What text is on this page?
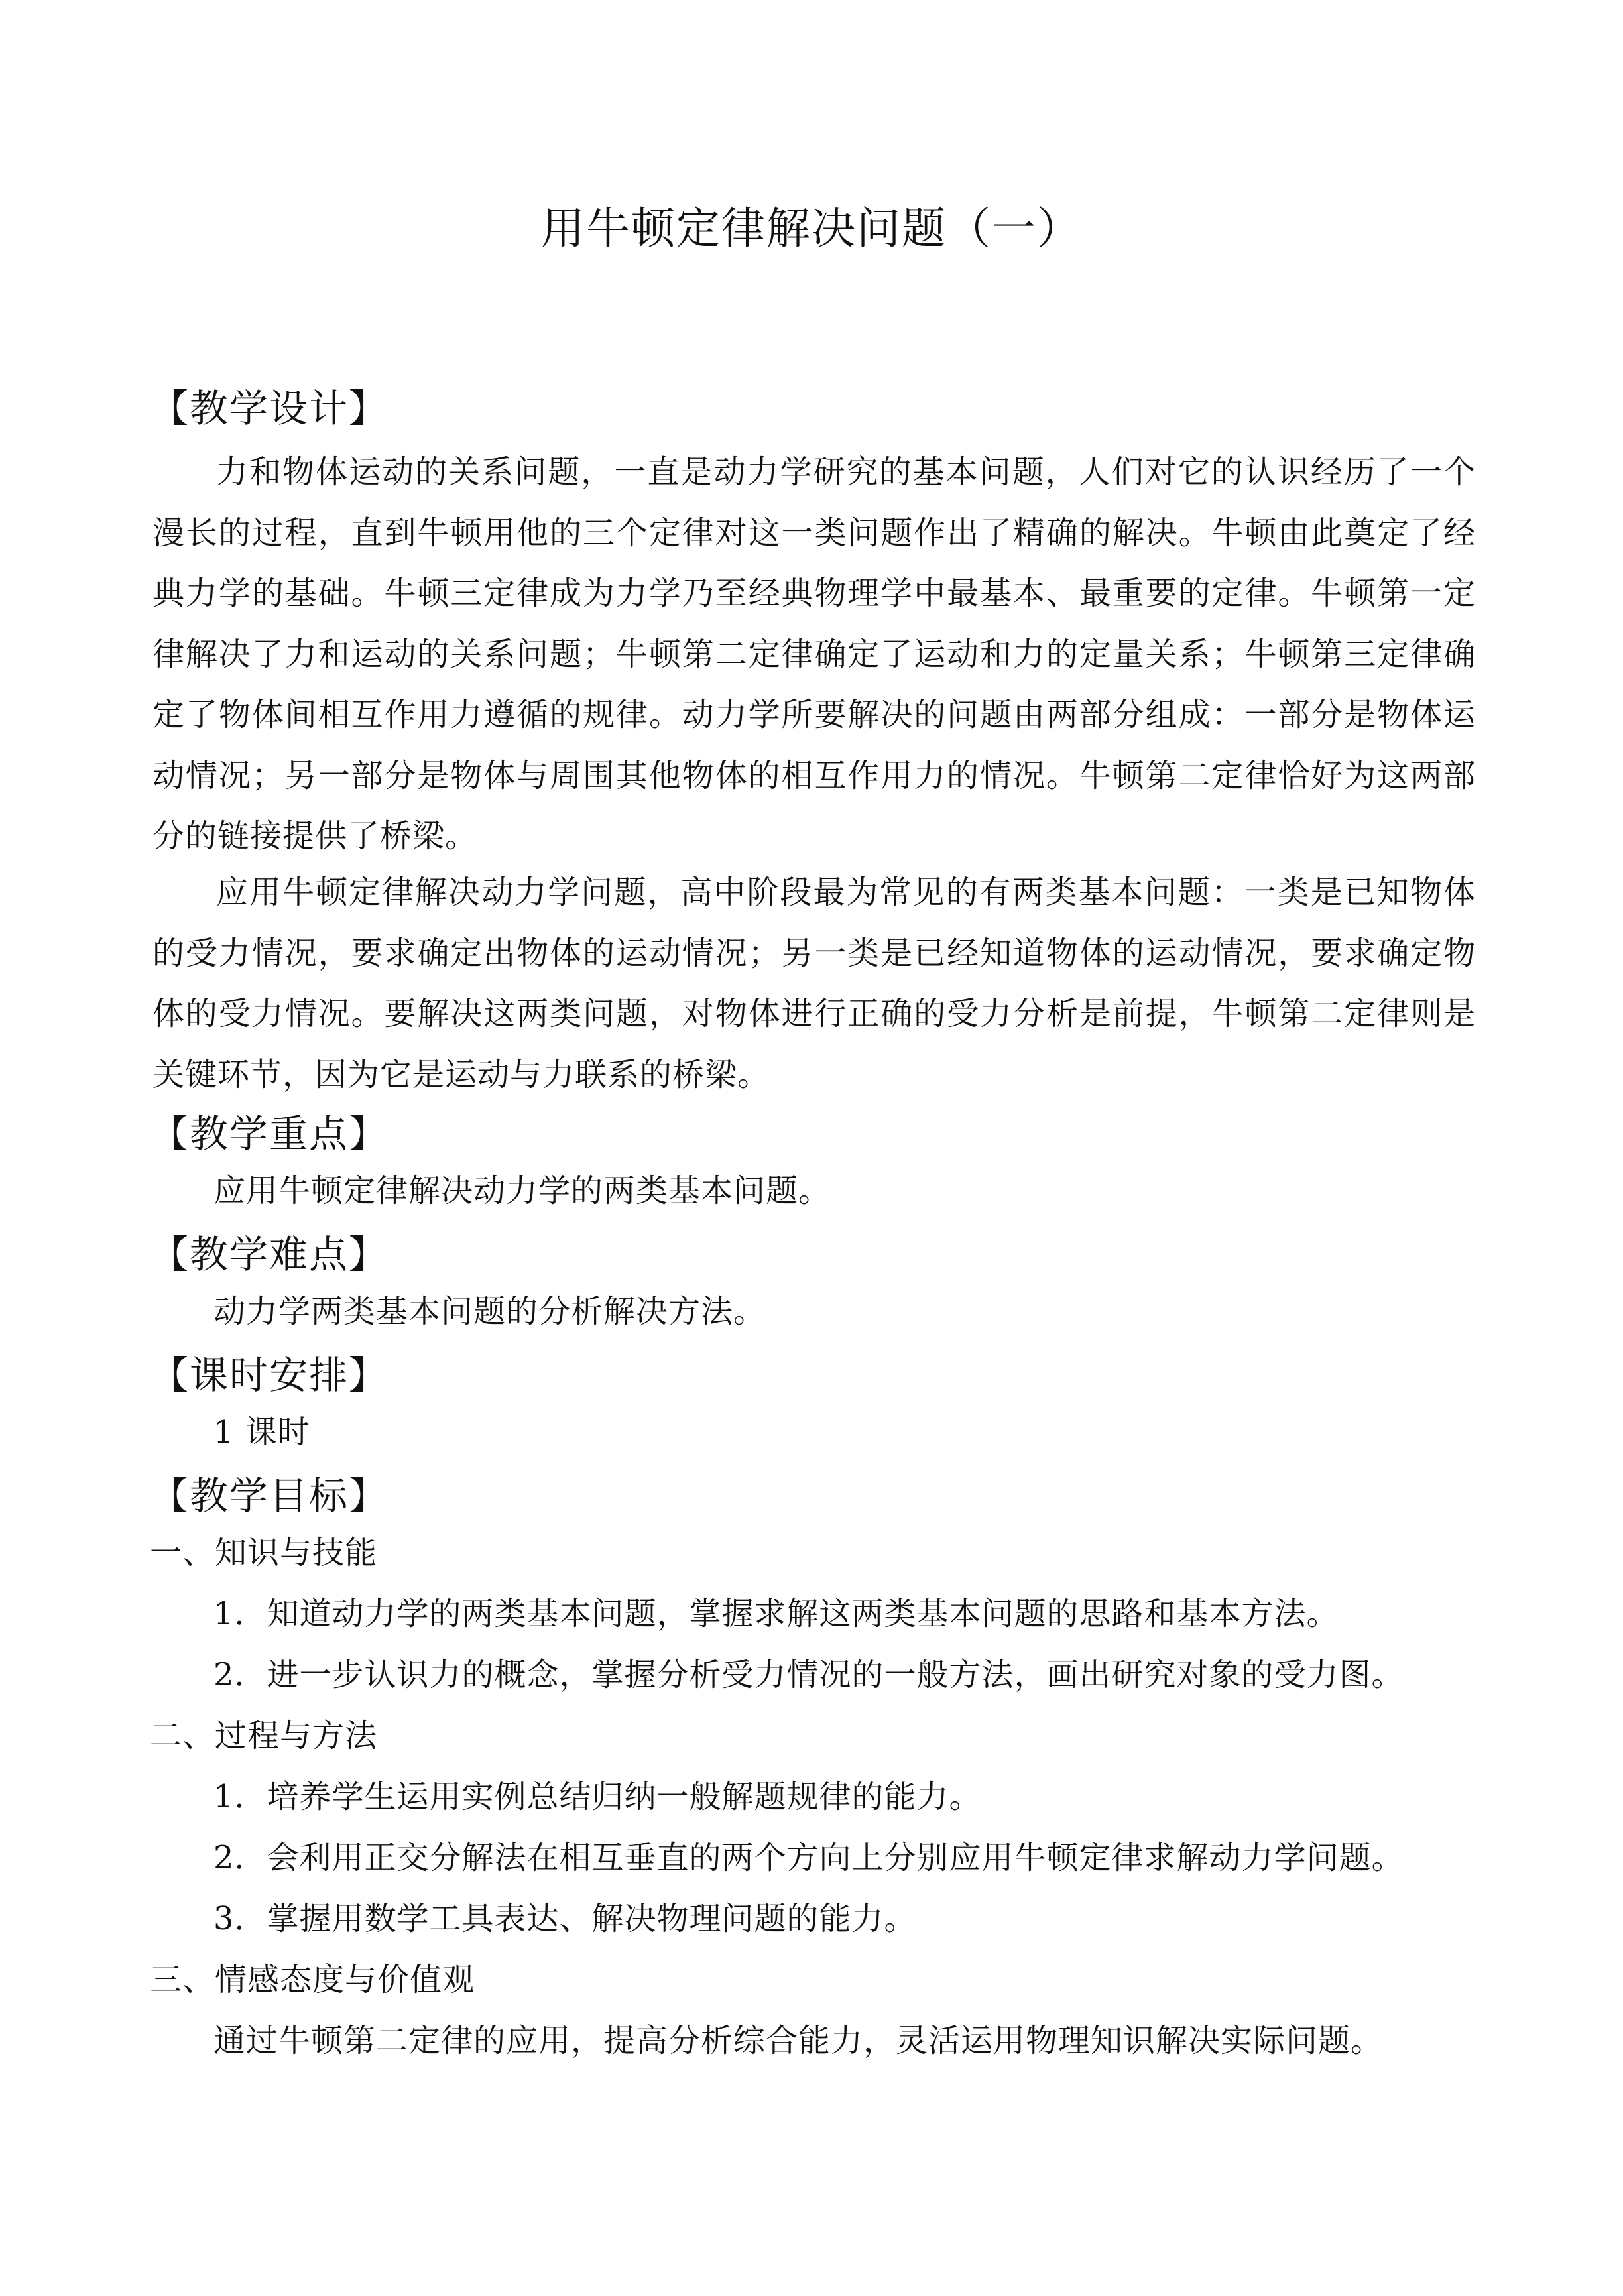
用牛顿定律解决问题（一）
【教学设计】

力和物体运动的关系问题，一直是动力学研究的基本问题，人们对它的认识经历了一个漫长的过程，直到牛顿用他的三个定律对这一类问题作出了精确的解决。牛顿由此奠定了经典力学的基础。牛顿三定律成为力学乃至经典物理学中最基本、最重要的定律。牛顿第一定律解决了力和运动的关系问题；牛顿第二定律确定了运动和力的定量关系；牛顿第三定律确定了物体间相互作用力遵循的规律。动力学所要解决的问题由两部分组成：一部分是物体运动情况；另一部分是物体与周围其他物体的相互作用力的情况。牛顿第二定律恰好为这两部分的链接提供了桥梁。

应用牛顿定律解决动力学问题，高中阶段最为常见的有两类基本问题：一类是已知物体的受力情况，要求确定出物体的运动情况；另一类是已经知道物体的运动情况，要求确定物体的受力情况。要解决这两类问题，对物体进行正确的受力分析是前提，牛顿第二定律则是关键环节，因为它是运动与力联系的桥梁。

【教学重点】
应用牛顿定律解决动力学的两类基本问题。
【教学难点】
动力学两类基本问题的分析解决方法。
【课时安排】
1 课时
【教学目标】
一、知识与技能
1．知道动力学的两类基本问题，掌握求解这两类基本问题的思路和基本方法。
2．进一步认识力的概念，掌握分析受力情况的一般方法，画出研究对象的受力图。
二、过程与方法
1．培养学生运用实例总结归纳一般解题规律的能力。
2．会利用正交分解法在相互垂直的两个方向上分别应用牛顿定律求解动力学问题。
3．掌握用数学工具表达、解决物理问题的能力。
三、情感态度与价值观
通过牛顿第二定律的应用，提高分析综合能力，灵活运用物理知识解决实际问题。
